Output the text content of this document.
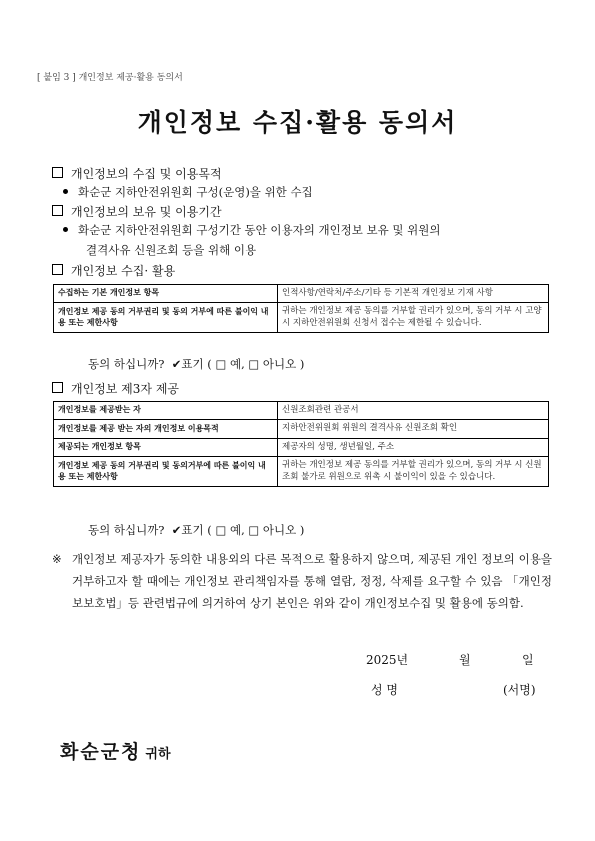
[ 붙임 3 ] 개인정보 제공·활용 동의서
개인정보 수집·활용 동의서
개인정보의 수집 및 이용목적
화순군 지하안전위원회 구성(운영)을 위한 수집
개인정보의 보유 및 이용기간
화순군 지하안전위원회 구성기간 동안 이용자의 개인정보 보유 및 위원의
결격사유 신원조회 등을 위해 이용
개인정보 수집· 활용
수집하는 기본 개인정보 항목	인적사항/연락처/주소/기타 등 기본적 개인정보 기재 사항
개인정보 제공 동의 거부권리 및 동의 거부에 따른 불이익 내용 또는 제한사항	귀하는 개인정보 제공 동의를 거부할 권리가 있으며, 동의 거부 시 고양시 지하안전위원회 신청서 접수는 제한될 수 있습니다.
동의 하십니까? ✔표기 ( □ 예, □ 아니오 )
개인정보 제3자 제공
개인정보를 제공받는 자	신원조회관련 관공서
개인정보를 제공 받는 자의 개인정보 이용목적	지하안전위원회 위원의 결격사유 신원조회 확인
제공되는 개인정보 항목	제공자의 성명, 생년월일, 주소
개인정보 제공 동의 거부권리 및 동의거부에 따른 불이익 내용 또는 제한사항	귀하는 개인정보 제공 동의를 거부할 권리가 있으며, 동의 거부 시 신원조회 불가로 위원으로 위촉 시 불이익이 있을 수 있습니다.
동의 하십니까? ✔표기 ( □ 예, □ 아니오 )
※ 개인정보 제공자가 동의한 내용외의 다른 목적으로 활용하지 않으며, 제공된 개인 정보의 이용을 거부하고자 할 때에는 개인정보 관리책임자를 통해 열람, 정정, 삭제를 요구할 수 있음 「개인정보보호법」등 관련법규에 의거하여 상기 본인은 위와 같이 개인정보수집 및 활용에 동의함.
2025년	월	일
성 명	(서명)
화순군청 귀하
